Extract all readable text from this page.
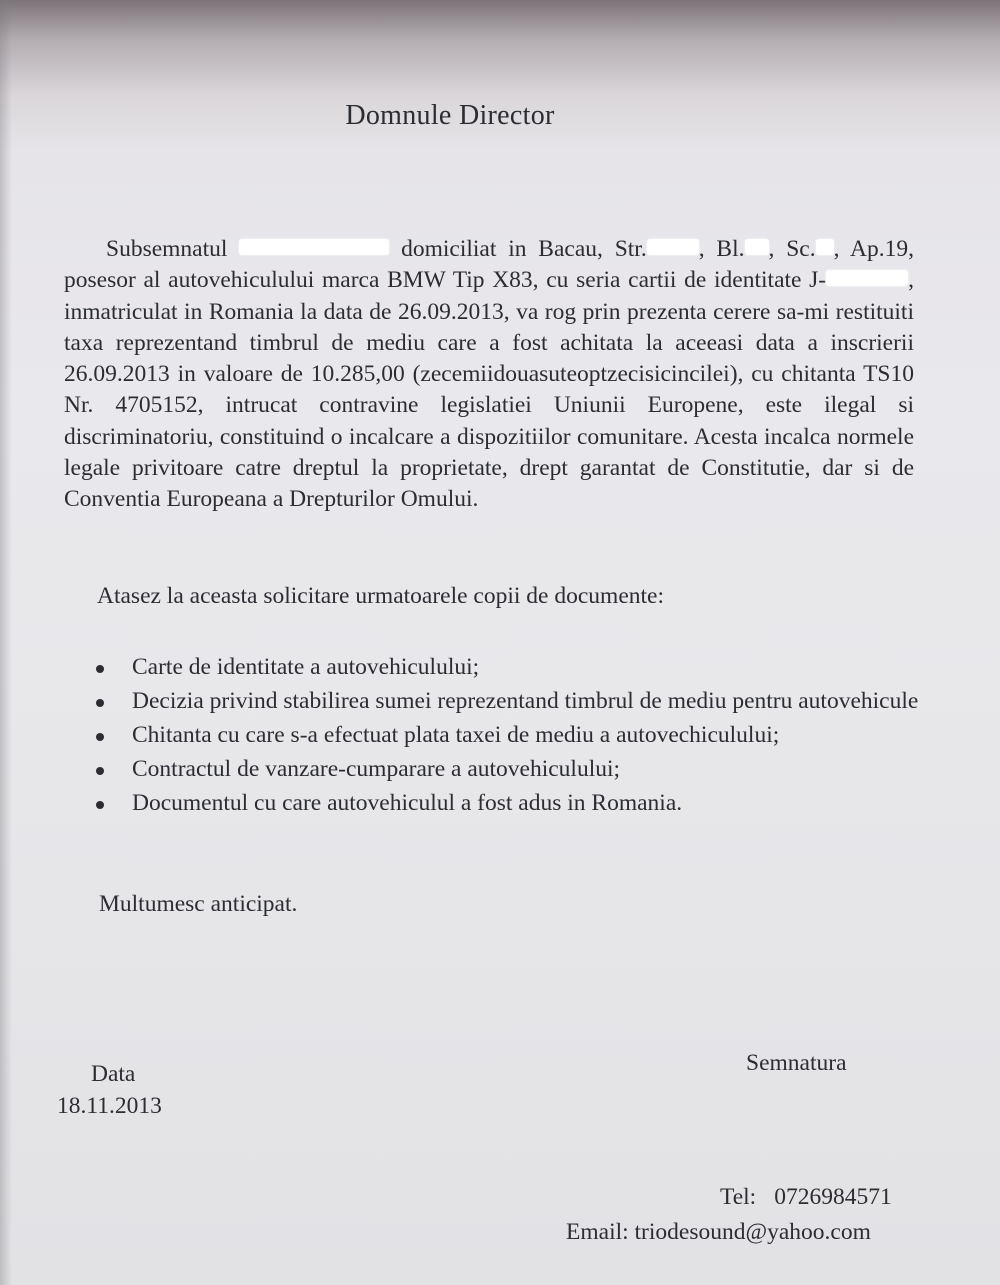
Domnule Director

Subsemnatul	domiciliat in Bacau, Str. , Bl. , Sc. , Ap.19, posesor al autovehiculului marca BMW Tip X83, cu seria cartii de identitate J-	, inmatriculat in Romania la data de 26.09.2013, va rog prin prezenta cerere sa-mi restituiti taxa reprezentand timbrul de mediu care a fost achitata la aceeasi data a inscrierii 26.09.2013 in valoare de 10.285,00 (zecemiidouasuteoptzecisicincilei), cu chitanta TS10 Nr. 4705152, intrucat contravine legislatiei Uniunii Europene, este ilegal si discriminatoriu, constituind o incalcare a dispozitiilor comunitare. Acesta incalca normele legale privitoare catre dreptul la proprietate, drept garantat de Constitutie, dar si de Conventia Europeana a Drepturilor Omului.

Atasez la aceasta solicitare urmatoarele copii de documente:
Carte de identitate a autovehiculului;
Decizia privind stabilirea sumei reprezentand timbrul de mediu pentru autovehicule
Chitanta cu care s-a efectuat plata taxei de mediu a autovechiculului;
Contractul de vanzare-cumparare a autovehiculului;
Documentul cu care autovehiculul a fost adus in Romania.
Multumesc anticipat.
Data
18.11.2013
Semnatura
Tel: 0726984571
Email: triodesound@yahoo.com
